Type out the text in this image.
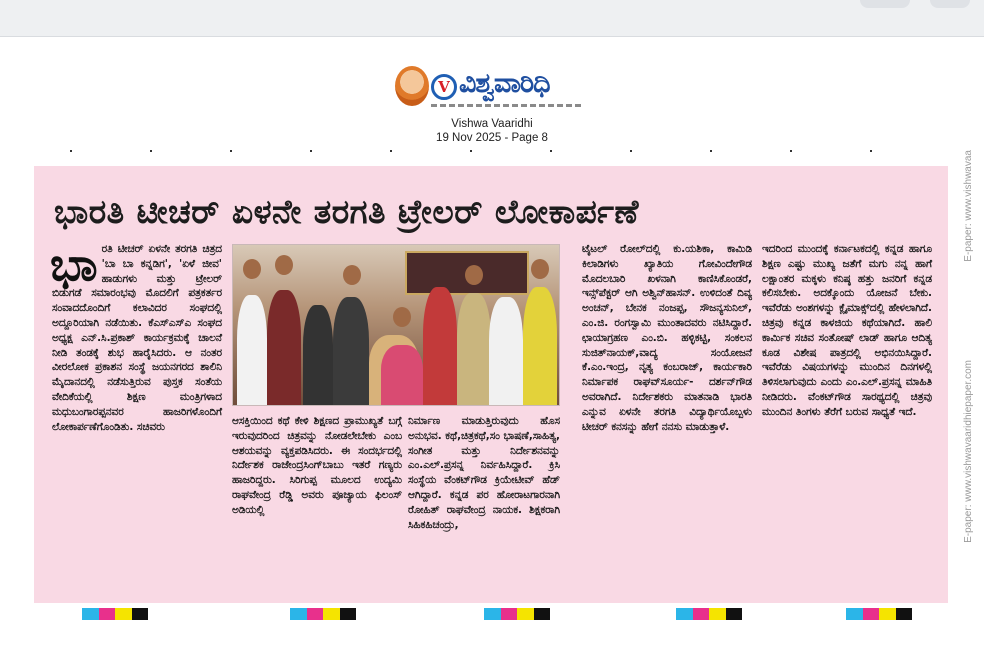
V ವಿಶ್ವವಾರಿಧಿ
Vishwa Vaaridhi
19 Nov 2025 - Page 8
ಭಾರತಿ ಟೀಚರ್ ಏಳನೇ ತರಗತಿ ಟ್ರೇಲರ್ ಲೋಕಾರ್ಪಣೆ
ಭಾರತಿ ಟೀಚರ್ ಏಳನೇ ತರಗತಿ ಚಿತ್ರದ 'ಬಾ ಬಾ ಕನ್ನಡಿಗ', 'ಏಳೆ ಜೀವ' ಹಾಡುಗಳು ಮತ್ತು ಟ್ರೇಲರ್ ಬಿಡುಗಡೆ ಸಮಾರಂಭವು ಮೊದಲಿಗೆ ಪತ್ರಕರ್ತರ ಸಂವಾದದೊಂದಿಗೆ ಕಲಾವಿದರ ಸಂಘದಲ್ಲಿ ಅದ್ದೂರಿಯಾಗಿ ನಡೆಯಿತು. ಕೆಎಸ್‌ಎಸ್‌ಎ ಸಂಘದ ಅಧ್ಯಕ್ಷ ಎನ್.ಸಿ.ಪ್ರಕಾಶ್ ಕಾರ್ಯಕ್ರಮಕ್ಕೆ ಚಾಲನೆ ನೀಡಿ ತಂಡಕ್ಕೆ ಶುಭ ಹಾರೈಸಿದರು. ಆ ನಂತರ ವೀರಲೋಕ ಪ್ರಕಾಶನ ಸಂಸ್ಥೆ ಜಯನಗರದ ಶಾಲಿನಿ ಮೈದಾನದಲ್ಲಿ ನಡೆಸುತ್ತಿರುವ ಪುಸ್ತಕ ಸಂತೆಯ ವೇದಿಕೆಯಲ್ಲಿ ಶಿಕ್ಷಣ ಮಂತ್ರಿಗಳಾದ ಮಧುಬಂಗಾರಪ್ಪನವರ ಹಾಜರಿಗಳೊಂದಿಗೆ ಲೋಕಾರ್ಪಣೆಗೊಂಡಿತು. ಸಚಿವರು	ಆಸಕ್ತಿಯಿಂದ ಕಥೆ ಕೇಳಿ ಶಿಕ್ಷಣದ ಪ್ರಾಮುಖ್ಯತೆ ಬಗ್ಗೆ ಇರುವುದರಿಂದ ಚಿತ್ರವನ್ನು ನೋಡಲೇಬೇಕು ಎಂಬ ಆಶಯವನ್ನು ವ್ಯಕ್ತಪಡಿಸಿದರು. ಈ ಸಂದರ್ಭದಲ್ಲಿ ನಿರ್ದೇಶಕ ರಾಜೇಂದ್ರಸಿಂಗ್‌ಬಾಬು ಇತರೆ ಗಣ್ಯರು ಹಾಜರಿದ್ದರು. ಸಿರಿಗುಪ್ಪ ಮೂಲದ ಉದ್ಯಮಿ ರಾಘವೇಂದ್ರ ರೆಡ್ಡಿ ಅವರು ಪೂಜ್ಯಾಯ ಫಿಲಂಸ್ ಅಡಿಯಲ್ಲಿ
ನಿರ್ಮಾಣ ಮಾಡುತ್ತಿರುವುದು ಹೊಸ ಅನುಭವ. ಕಥೆ,ಚಿತ್ರಕಥೆ,ಸಂ ಭಾಷಣೆ,ಸಾಹಿತ್ಯ, ಸಂಗೀತ ಮತ್ತು ನಿರ್ದೇಶನವನ್ನು ಎಂ.ಎಲ್.ಪ್ರಸನ್ನ ನಿರ್ವಹಿಸಿದ್ದಾರೆ. ಕ್ರಿಸಿ ಸಂಸ್ಥೆಯ ವೆಂಕಟ್‌ಗೌಡ ಕ್ರಿಯೇಟೀವ್ ಹೆಡ್ ಆಗಿದ್ದಾರೆ. ಕನ್ನಡ ಪರ ಹೋರಾಟಗಾರನಾಗಿ ರೋಹಿತ್ ರಾಘವೇಂದ್ರ ನಾಯಕ. ಶಿಕ್ಷಕರಾಗಿ ಸಿಹಿಕಹಿಚಂದ್ರು,
ಟೈಟಲ್ ರೋಲ್‌ದಲ್ಲಿ ಕು.ಯಶಿಕಾ, ಕಾಮಿಡಿ ಕಿಲಾಡಿಗಳು ಖ್ಯಾತಿಯ ಗೋವಿಂದೇಗೌಡ ಮೊದಲಬಾರಿ ಖಳನಾಗಿ ಕಾಣಿಸಿಕೊಂಡರೆ, ಇನ್ಸ್‌ಪೆಕ್ಟರ್ ಆಗಿ ಅಶ್ವಿನ್‌ಹಾಸನ್. ಉಳಿದಂತೆ ದಿವ್ಯ ಅಂಚನ್, ಬೇನಕ ನಂಜಪ್ಪ, ಸೌಜನ್ಯಸುನಿಲ್, ಎಂ.ಜಿ. ರಂಗಸ್ವಾಮಿ ಮುಂತಾದವರು ನಟಿಸಿದ್ದಾರೆ. ಛಾಯಾಗ್ರಹಣ ಎಂ.ಬಿ. ಹಳ್ಳಿಕಟ್ಟಿ, ಸಂಕಲನ ಸುಜಿತ್‌ನಾಯಕ್,ವಾದ್ಯ ಸಂಯೋಜನೆ ಕೆ.ಎಂ.ಇಂದ್ರ, ನೃತ್ಯ ಕಂಬರಾಜ್, ಕಾರ್ಯಕಾರಿ ನಿರ್ಮಾಪಕ ರಾಘವ್‌ಸೂರ್ಯ- ದರ್ಶನ್‌ಗೌಡ ಅವರಾಗಿದೆ. ನಿರ್ದೇಶಕರು ಮಾತನಾಡಿ ಭಾರತಿ ಎನ್ನುವ ಏಳನೇ ತರಗತಿ ವಿದ್ಯಾರ್ಥಿಯೊಬ್ಬಳು ಟೀಚರ್ ಕನಸನ್ನು ಹೇಗೆ ನನಸು ಮಾಡುತ್ತಾಳೆ.
ಇದರಿಂದ ಮುಂದಕ್ಕೆ ಕರ್ನಾಟಕದಲ್ಲಿ ಕನ್ನಡ ಹಾಗೂ ಶಿಕ್ಷಣ ಎಷ್ಟು ಮುಖ್ಯ ಜತೆಗೆ ಮಗು ನನ್ನ ಹಾಗೆ ಲಕ್ಷಾಂತರ ಮಕ್ಕಳು ಕನಿಷ್ಠ ಹತ್ತು ಜನರಿಗೆ ಕನ್ನಡ ಕಲಿಸಬೇಕು. ಅದಕ್ಕೊಂದು ಯೋಜನೆ ಬೇಕು. ಇವೆರೆಡು ಅಂಶಗಳನ್ನು ಕ್ಲೈಮಾಕ್ಸ್‌ದಲ್ಲಿ ಹೇಳಲಾಗಿದೆ. ಚಿತ್ರವು ಕನ್ನಡ ಕಾಳಜಿಯ ಕಥೆಯಾಗಿದೆ. ಹಾಲಿ ಕಾರ್ಮಿಕ ಸಚಿವ ಸಂತೋಷ್ ಲಾಡ್ ಹಾಗೂ ಆದಿತ್ಯ ಕೂಡ ವಿಶೇಷ ಪಾತ್ರದಲ್ಲಿ ಅಭಿನಯಿಸಿದ್ದಾರೆ. ಇವೆರೆಡು ವಿಷಯಗಳನ್ನು ಮುಂದಿನ ದಿನಗಳಲ್ಲಿ ತಿಳಿಸಲಾಗುವುದು ಎಂದು ಎಂ.ಎಲ್.ಪ್ರಸನ್ನ ಮಾಹಿತಿ ನೀಡಿದರು. ವೆಂಕಟ್‌ಗೌಡ ಸಾರಥ್ಯದಲ್ಲಿ ಚಿತ್ರವು ಮುಂದಿನ ತಿಂಗಳು ತೆರೆಗೆ ಬರುವ ಸಾಧ್ಯತೆ ಇದೆ.
E-paper: www.vishwavaa
E-paper: www.vishwavaaridhiepaper.com
